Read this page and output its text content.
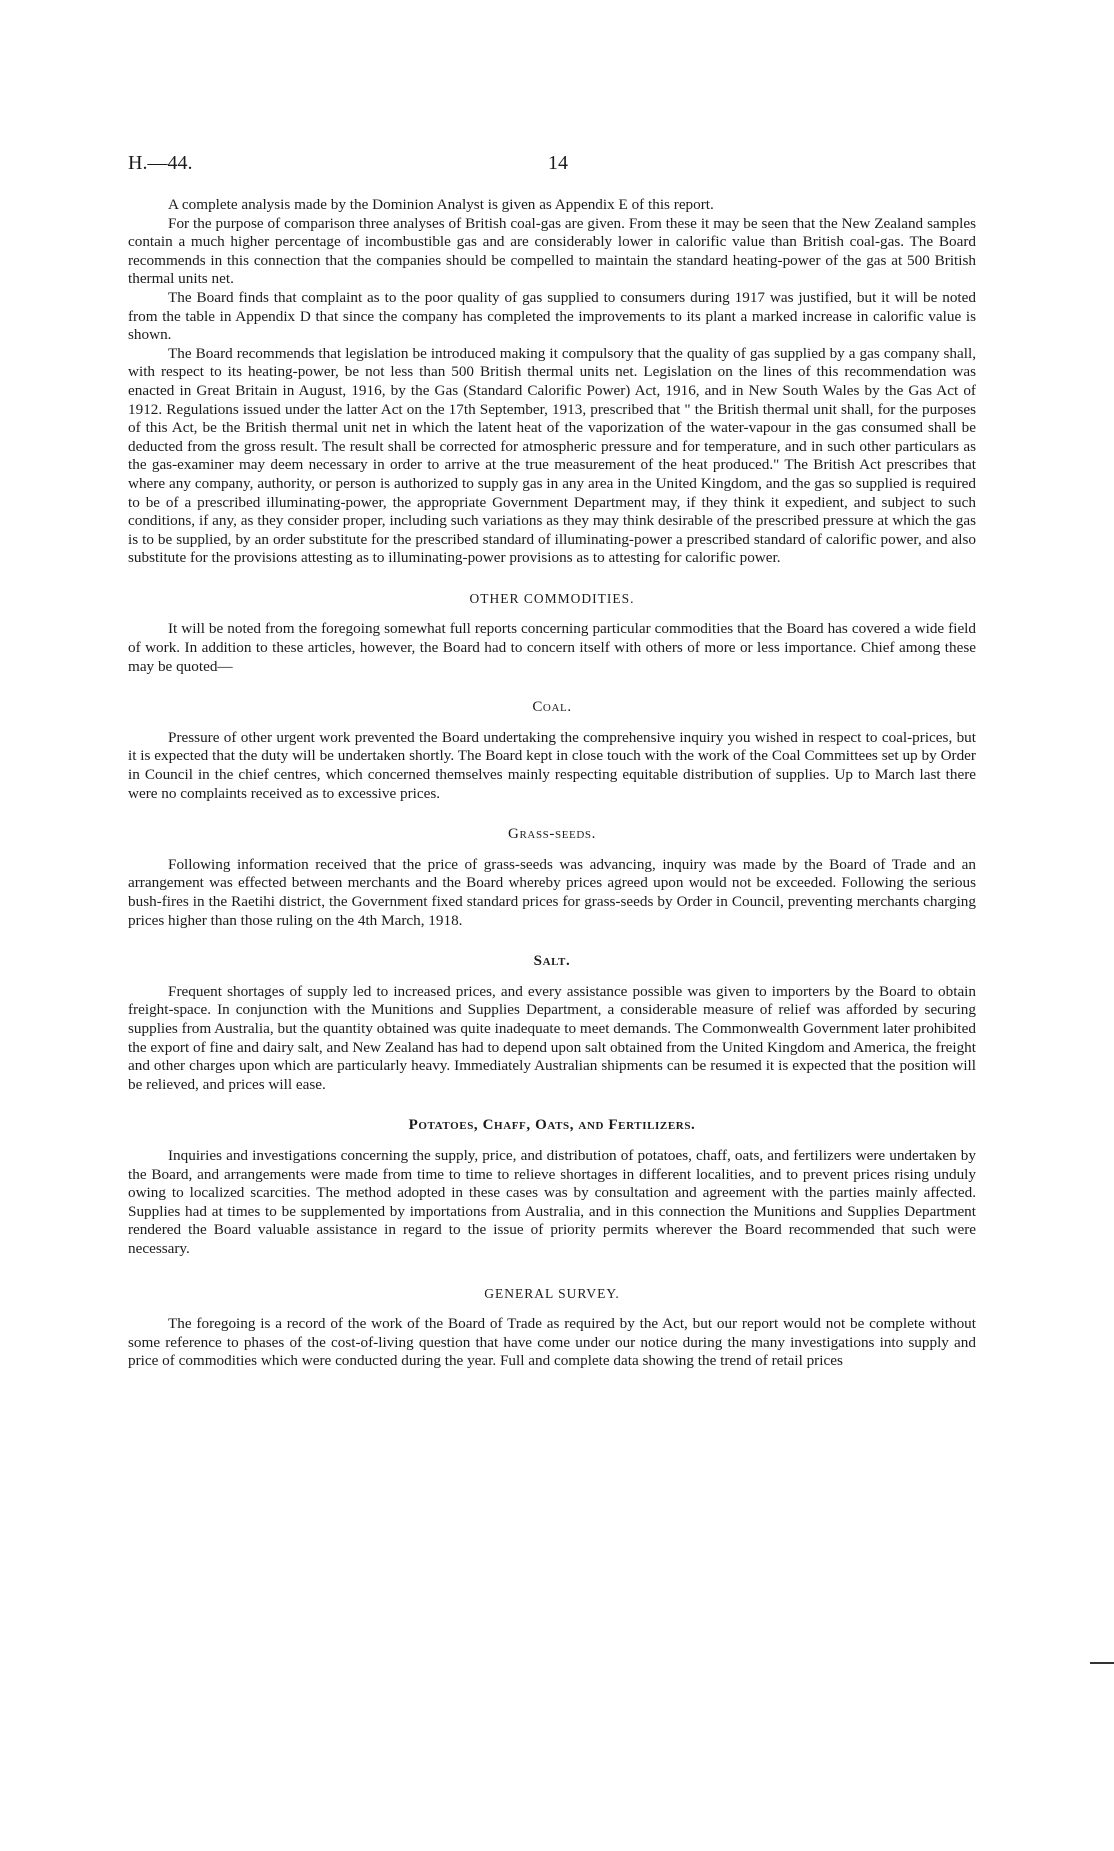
H.—44.	14

A complete analysis made by the Dominion Analyst is given as Appendix E of this report.

For the purpose of comparison three analyses of British coal-gas are given. From these it may be seen that the New Zealand samples contain a much higher percentage of incombustible gas and are considerably lower in calorific value than British coal-gas. The Board recommends in this connection that the companies should be compelled to maintain the standard heating-power of the gas at 500 British thermal units net.

The Board finds that complaint as to the poor quality of gas supplied to consumers during 1917 was justified, but it will be noted from the table in Appendix D that since the company has completed the improvements to its plant a marked increase in calorific value is shown.

The Board recommends that legislation be introduced making it compulsory that the quality of gas supplied by a gas company shall, with respect to its heating-power, be not less than 500 British thermal units net. Legislation on the lines of this recommendation was enacted in Great Britain in August, 1916, by the Gas (Standard Calorific Power) Act, 1916, and in New South Wales by the Gas Act of 1912. Regulations issued under the latter Act on the 17th September, 1913, prescribed that " the British thermal unit shall, for the purposes of this Act, be the British thermal unit net in which the latent heat of the vaporization of the water-vapour in the gas consumed shall be deducted from the gross result. The result shall be corrected for atmospheric pressure and for temperature, and in such other particulars as the gas-examiner may deem necessary in order to arrive at the true measurement of the heat produced." The British Act prescribes that where any company, authority, or person is authorized to supply gas in any area in the United Kingdom, and the gas so supplied is required to be of a prescribed illuminating-power, the appropriate Government Department may, if they think it expedient, and subject to such conditions, if any, as they consider proper, including such variations as they may think desirable of the prescribed pressure at which the gas is to be supplied, by an order substitute for the prescribed standard of illuminating-power a prescribed standard of calorific power, and also substitute for the provisions attesting as to illuminating-power provisions as to attesting for calorific power.

OTHER COMMODITIES.

It will be noted from the foregoing somewhat full reports concerning particular commodities that the Board has covered a wide field of work. In addition to these articles, however, the Board had to concern itself with others of more or less importance. Chief among these may be quoted—

Coal.

Pressure of other urgent work prevented the Board undertaking the comprehensive inquiry you wished in respect to coal-prices, but it is expected that the duty will be undertaken shortly. The Board kept in close touch with the work of the Coal Committees set up by Order in Council in the chief centres, which concerned themselves mainly respecting equitable distribution of supplies. Up to March last there were no complaints received as to excessive prices.

Grass-seeds.

Following information received that the price of grass-seeds was advancing, inquiry was made by the Board of Trade and an arrangement was effected between merchants and the Board whereby prices agreed upon would not be exceeded. Following the serious bush-fires in the Raetihi district, the Government fixed standard prices for grass-seeds by Order in Council, preventing merchants charging prices higher than those ruling on the 4th March, 1918.

Salt.

Frequent shortages of supply led to increased prices, and every assistance possible was given to importers by the Board to obtain freight-space. In conjunction with the Munitions and Supplies Department, a considerable measure of relief was afforded by securing supplies from Australia, but the quantity obtained was quite inadequate to meet demands. The Commonwealth Government later prohibited the export of fine and dairy salt, and New Zealand has had to depend upon salt obtained from the United Kingdom and America, the freight and other charges upon which are particularly heavy. Immediately Australian shipments can be resumed it is expected that the position will be relieved, and prices will ease.

Potatoes, Chaff, Oats, and Fertilizers.

Inquiries and investigations concerning the supply, price, and distribution of potatoes, chaff, oats, and fertilizers were undertaken by the Board, and arrangements were made from time to time to relieve shortages in different localities, and to prevent prices rising unduly owing to localized scarcities. The method adopted in these cases was by consultation and agreement with the parties mainly affected. Supplies had at times to be supplemented by importations from Australia, and in this connection the Munitions and Supplies Department rendered the Board valuable assistance in regard to the issue of priority permits wherever the Board recommended that such were necessary.

GENERAL SURVEY.

The foregoing is a record of the work of the Board of Trade as required by the Act, but our report would not be complete without some reference to phases of the cost-of-living question that have come under our notice during the many investigations into supply and price of commodities which were conducted during the year. Full and complete data showing the trend of retail prices
